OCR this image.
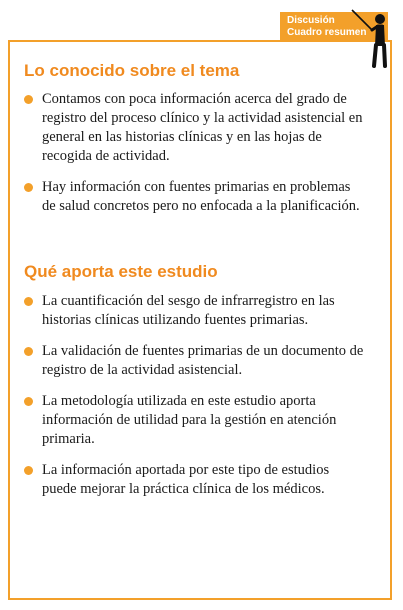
Discusión
Cuadro resumen
Lo conocido sobre el tema
Contamos con poca información acerca del grado de registro del proceso clínico y la actividad asistencial en general en las historias clínicas y en las hojas de recogida de actividad.
Hay información con fuentes primarias en problemas de salud concretos pero no enfocada a la planificación.
Qué aporta este estudio
La cuantificación del sesgo de infrarregistro en las historias clínicas utilizando fuentes primarias.
La validación de fuentes primarias de un documento de registro de la actividad asistencial.
La metodología utilizada en este estudio aporta información de utilidad para la gestión en atención primaria.
La información aportada por este tipo de estudios puede mejorar la práctica clínica de los médicos.
